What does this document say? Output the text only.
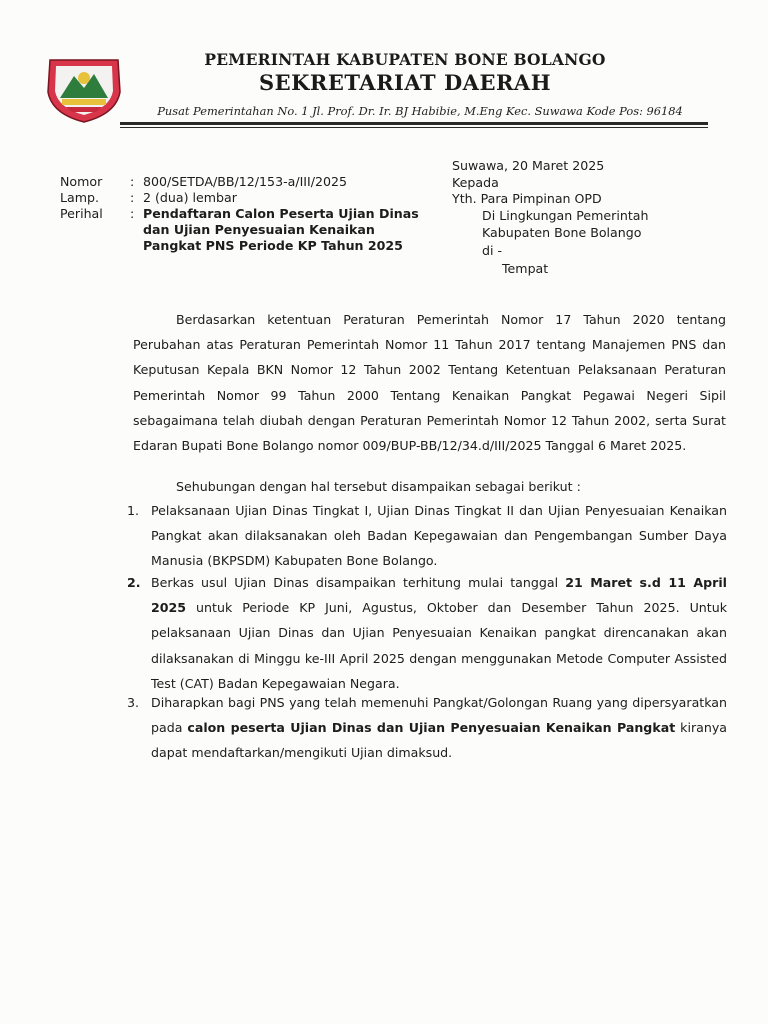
PEMERINTAH KABUPATEN BONE BOLANGO
SEKRETARIAT DAERAH
Pusat Pemerintahan No. 1 Jl. Prof. Dr. Ir. BJ Habibie, M.Eng Kec. Suwawa Kode Pos: 96184
Suwawa, 20 Maret 2025
Kepada
Yth. Para Pimpinan OPD
Di Lingkungan Pemerintah
Kabupaten Bone Bolango
di -
Tempat
Nomor : 800/SETDA/BB/12/153-a/III/2025
Lamp. : 2 (dua) lembar
Perihal : Pendaftaran Calon Peserta Ujian Dinas
dan Ujian Penyesuaian Kenaikan
Pangkat PNS Periode KP Tahun 2025
Berdasarkan ketentuan Peraturan Pemerintah Nomor 17 Tahun 2020 tentang Perubahan atas Peraturan Pemerintah Nomor 11 Tahun 2017 tentang Manajemen PNS dan Keputusan Kepala BKN Nomor 12 Tahun 2002 Tentang Ketentuan Pelaksanaan Peraturan Pemerintah Nomor 99 Tahun 2000 Tentang Kenaikan Pangkat Pegawai Negeri Sipil sebagaimana telah diubah dengan Peraturan Pemerintah Nomor 12 Tahun 2002, serta Surat Edaran Bupati Bone Bolango nomor 009/BUP-BB/12/34.d/III/2025 Tanggal 6 Maret 2025.
Sehubungan dengan hal tersebut disampaikan sebagai berikut :
1. Pelaksanaan Ujian Dinas Tingkat I, Ujian Dinas Tingkat II dan Ujian Penyesuaian Kenaikan Pangkat akan dilaksanakan oleh Badan Kepegawaian dan Pengembangan Sumber Daya Manusia (BKPSDM) Kabupaten Bone Bolango.
2. Berkas usul Ujian Dinas disampaikan terhitung mulai tanggal 21 Maret s.d 11 April 2025 untuk Periode KP Juni, Agustus, Oktober dan Desember Tahun 2025. Untuk pelaksanaan Ujian Dinas dan Ujian Penyesuaian Kenaikan pangkat direncanakan akan dilaksanakan di Minggu ke-III April 2025 dengan menggunakan Metode Computer Assisted Test (CAT) Badan Kepegawaian Negara.
3. Diharapkan bagi PNS yang telah memenuhi Pangkat/Golongan Ruang yang dipersyaratkan pada calon peserta Ujian Dinas dan Ujian Penyesuaian Kenaikan Pangkat kiranya dapat mendaftarkan/mengikuti Ujian dimaksud.
